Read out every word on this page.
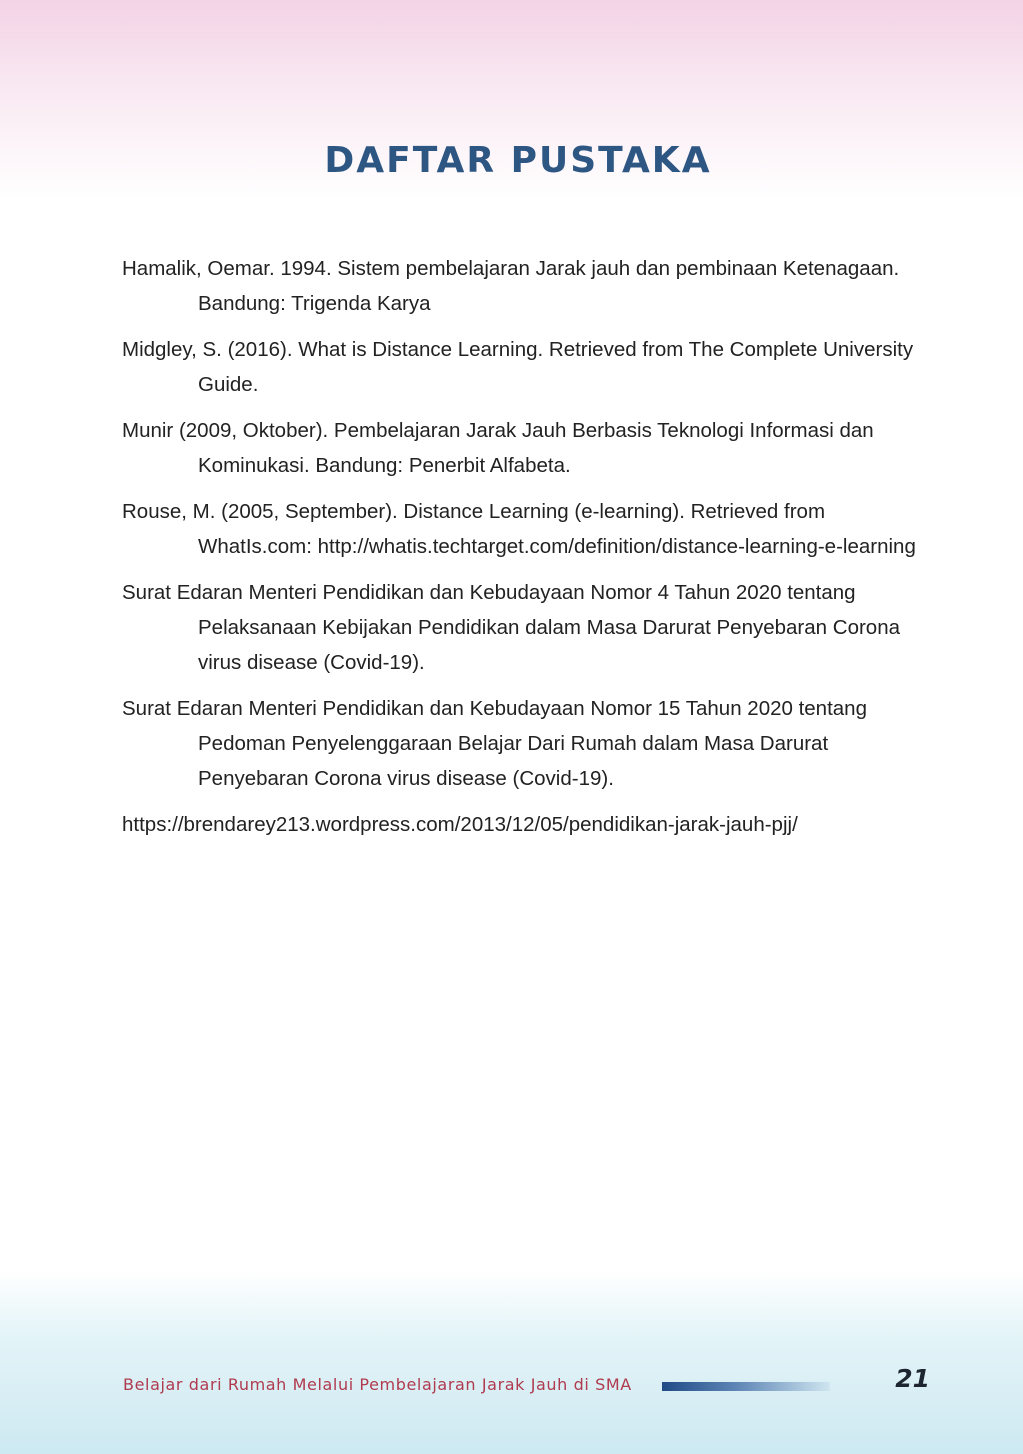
DAFTAR PUSTAKA
Hamalik, Oemar. 1994. Sistem pembelajaran Jarak jauh dan pembinaan Ketenagaan. Bandung: Trigenda Karya
Midgley, S. (2016). What is Distance Learning. Retrieved from The Complete University Guide.
Munir (2009, Oktober). Pembelajaran Jarak Jauh Berbasis Teknologi Informasi dan Kominukasi. Bandung: Penerbit Alfabeta.
Rouse, M. (2005, September). Distance Learning (e-learning). Retrieved from WhatIs.com: http://whatis.techtarget.com/definition/distance-learning-e-learning
Surat Edaran Menteri Pendidikan dan Kebudayaan Nomor 4 Tahun 2020 tentang Pelaksanaan Kebijakan Pendidikan dalam Masa Darurat Penyebaran Corona virus disease (Covid-19).
Surat Edaran Menteri Pendidikan dan Kebudayaan Nomor 15 Tahun 2020 tentang Pedoman Penyelenggaraan Belajar Dari Rumah dalam Masa Darurat Penyebaran Corona virus disease (Covid-19).
https://brendarey213.wordpress.com/2013/12/05/pendidikan-jarak-jauh-pjj/
Belajar dari Rumah Melalui Pembelajaran Jarak Jauh di SMA	21
